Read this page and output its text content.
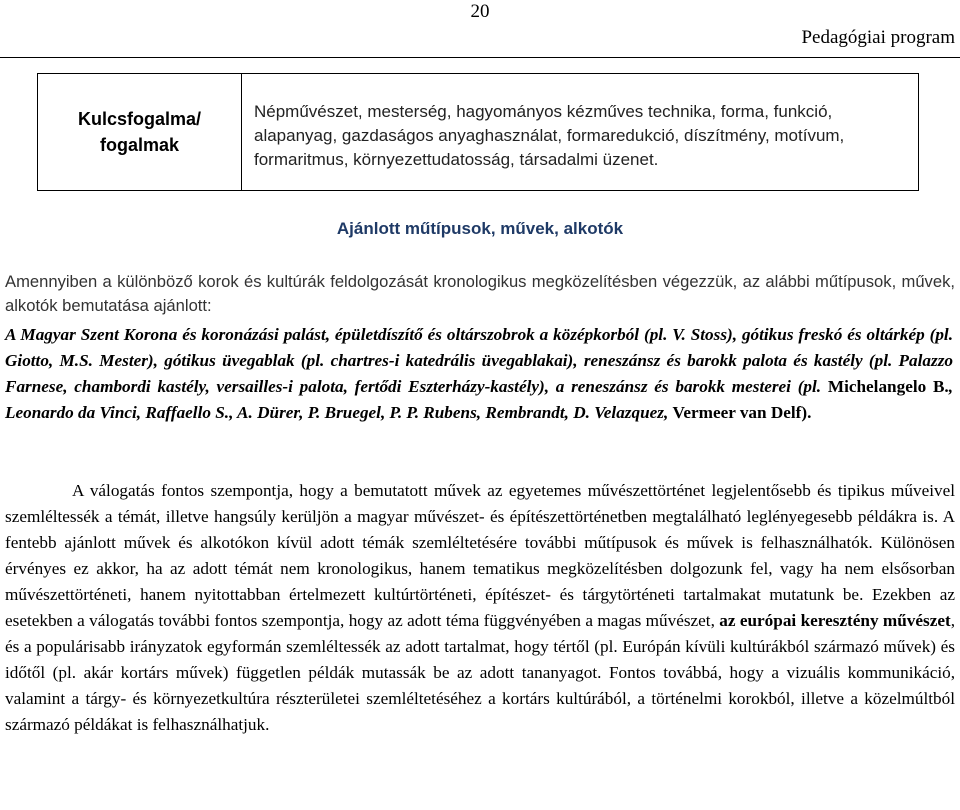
20
Pedagógiai program
Kulcsfogalma/ fogalmak	Népművészet, mesterség, hagyományos kézműves technika, forma, funkció, alapanyag, gazdaságos anyaghasználat, formaredukció, díszítmény, motívum, formaritmus, környezettudatosság, társadalmi üzenet.
Ajánlott műtípusok, művek, alkotók
Amennyiben a különböző korok és kultúrák feldolgozását kronologikus megközelítésben végezzük, az alábbi műtípusok, művek, alkotók bemutatása ajánlott:
A Magyar Szent Korona és koronázási palást, épületdíszítő és oltárszobrok a középkorból (pl. V. Stoss), gótikus freskó és oltárkép (pl. Giotto, M.S. Mester), gótikus üvegablak (pl. chartres-i katedrális üvegablakai), reneszánsz és barokk palota és kastély (pl. Palazzo Farnese, chambordi kastély, versailles-i palota, fertődi Eszterházy-kastély), a reneszánsz és barokk mesterei (pl. Michelangelo B., Leonardo da Vinci, Raffaello S., A. Dürer, P. Bruegel, P. P. Rubens, Rembrandt, D. Velazquez, Vermeer van Delf).

A válogatás fontos szempontja, hogy a bemutatott művek az egyetemes művészettörténet legjelentősebb és tipikus műveivel szemléltessék a témát, illetve hangsúly kerüljön a magyar művészet- és építészettörténetben megtalálható leglényegesebb példákra is. A fentebb ajánlott művek és alkotókon kívül adott témák szemléltetésére további műtípusok és művek is felhasználhatók. Különösen érvényes ez akkor, ha az adott témát nem kronologikus, hanem tematikus megközelítésben dolgozunk fel, vagy ha nem elsősorban művészettörténeti, hanem nyitottabban értelmezett kultúrtörténeti, építészet- és tárgytörténeti tartalmakat mutatunk be. Ezekben az esetekben a válogatás további fontos szempontja, hogy az adott téma függvényében a magas művészet, az európai keresztény művészet, és a populárisabb irányzatok egyformán szemléltessék az adott tartalmat, hogy tértől (pl. Európán kívüli kultúrákból származó művek) és időtől (pl. akár kortárs művek) független példák mutassák be az adott tananyagot. Fontos továbbá, hogy a vizuális kommunikáció, valamint a tárgy- és környezetkultúra részterületei szemléltetéséhez a kortárs kultúrából, a történelmi korokból, illetve a közelmúltból származó példákat is felhasználhatjuk.
